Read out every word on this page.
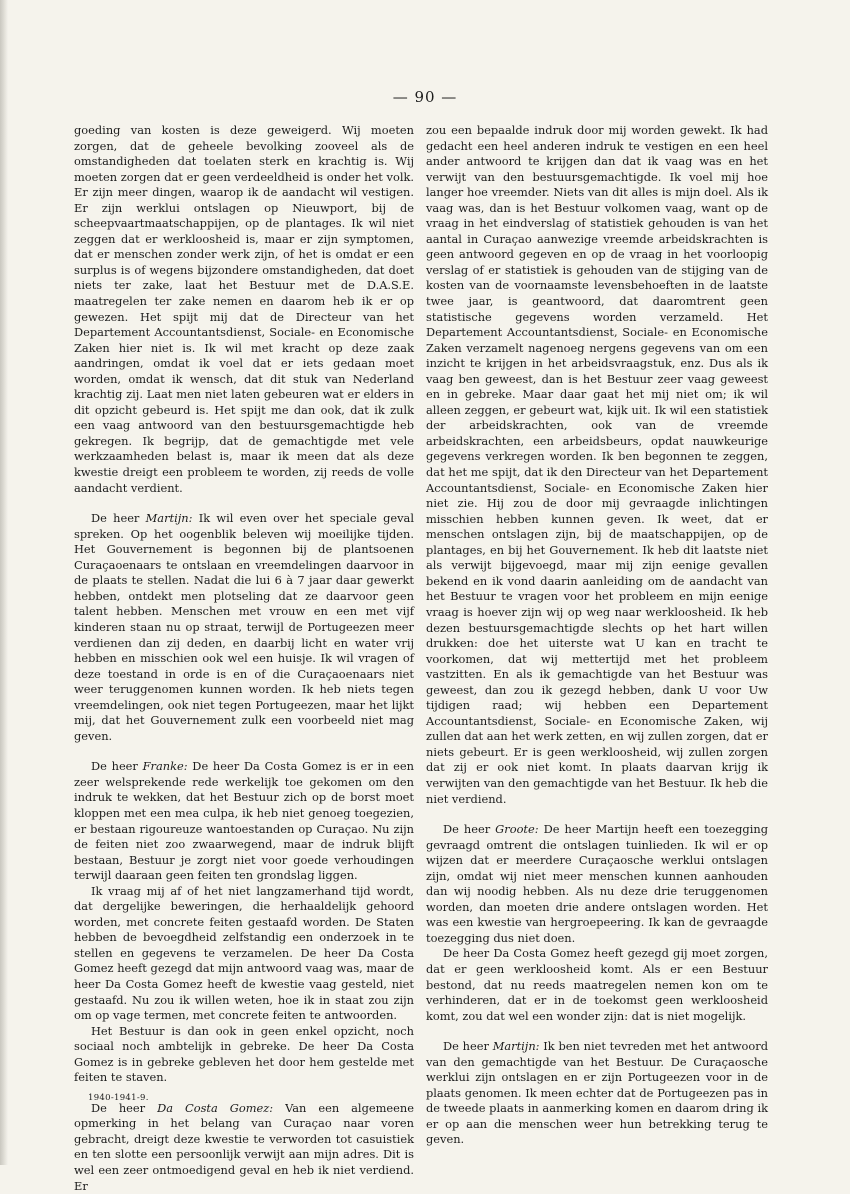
— 90 —

goeding van kosten is deze geweigerd. Wij moeten zorgen, dat de geheele bevolking zooveel als de omstandigheden dat toelaten sterk en krachtig is. Wij moeten zorgen dat er geen verdeeldheid is onder het volk. Er zijn meer dingen, waarop ik de aandacht wil vestigen. Er zijn werklui ontslagen op Nieuwport, bij de scheepvaartmaatschappijen, op de plantages. Ik wil niet zeggen dat er werkloosheid is, maar er zijn symptomen, dat er menschen zonder werk zijn, of het is omdat er een surplus is of wegens bijzondere omstandigheden, dat doet niets ter zake, laat het Bestuur met de D.A.S.E. maatregelen ter zake nemen en daarom heb ik er op gewezen. Het spijt mij dat de Directeur van het Departement Accountantsdienst, Sociale- en Economische Zaken hier niet is. Ik wil met kracht op deze zaak aandringen, omdat ik voel dat er iets gedaan moet worden, omdat ik wensch, dat dit stuk van Nederland krachtig zij. Laat men niet laten gebeuren wat er elders in dit opzicht gebeurd is. Het spijt me dan ook, dat ik zulk een vaag antwoord van den bestuursgemachtigde heb gekregen. Ik begrijp, dat de gemachtigde met vele werkzaamheden belast is, maar ik meen dat als deze kwestie dreigt een probleem te worden, zij reeds de volle aandacht verdient.

De heer Martijn: Ik wil even over het speciale geval spreken. Op het oogenblik beleven wij moeilijke tijden. Het Gouvernement is begonnen bij de plantsoenen Curaçaoenaars te ontslaan en vreemdelingen daarvoor in de plaats te stellen. Nadat die lui 6 à 7 jaar daar gewerkt hebben, ontdekt men plotseling dat ze daarvoor geen talent hebben. Menschen met vrouw en een met vijf kinderen staan nu op straat, terwijl de Portugeezen meer verdienen dan zij deden, en daarbij licht en water vrij hebben en misschien ook wel een huisje. Ik wil vragen of deze toestand in orde is en of die Curaçaoenaars niet weer teruggenomen kunnen worden. Ik heb niets tegen vreemdelingen, ook niet tegen Portugeezen, maar het lijkt mij, dat het Gouvernement zulk een voorbeeld niet mag geven.

De heer Franke: De heer Da Costa Gomez is er in een zeer welsprekende rede werkelijk toe gekomen om den indruk te wekken, dat het Bestuur zich op de borst moet kloppen met een mea culpa, ik heb niet genoeg toegezien, er bestaan rigoureuze wantoestanden op Curaçao. Nu zijn de feiten niet zoo zwaarwegend, maar de indruk blijft bestaan, Bestuur je zorgt niet voor goede verhoudingen terwijl daaraan geen feiten ten grondslag liggen.

Ik vraag mij af of het niet langzamerhand tijd wordt, dat dergelijke beweringen, die herhaaldelijk gehoord worden, met concrete feiten gestaafd worden. De Staten hebben de bevoegdheid zelfstandig een onderzoek in te stellen en gegevens te verzamelen. De heer Da Costa Gomez heeft gezegd dat mijn antwoord vaag was, maar de heer Da Costa Gomez heeft de kwestie vaag gesteld, niet gestaafd. Nu zou ik willen weten, hoe ik in staat zou zijn om op vage termen, met concrete feiten te antwoorden.

Het Bestuur is dan ook in geen enkel opzicht, noch sociaal noch ambtelijk in gebreke. De heer Da Costa Gomez is in gebreke gebleven het door hem gestelde met feiten te staven.

De heer Da Costa Gomez: Van een algemeene opmerking in het belang van Curaçao naar voren gebracht, dreigt deze kwestie te verworden tot casuistiek en ten slotte een persoonlijk verwijt aan mijn adres. Dit is wel een zeer ontmoedigend geval en heb ik niet verdiend. Er

zou een bepaalde indruk door mij worden gewekt. Ik had gedacht een heel anderen indruk te vestigen en een heel ander antwoord te krijgen dan dat ik vaag was en het verwijt van den bestuursgemachtigde. Ik voel mij hoe langer hoe vreemder. Niets van dit alles is mijn doel. Als ik vaag was, dan is het Bestuur volkomen vaag, want op de vraag in het eindverslag of statistiek gehouden is van het aantal in Curaçao aanwezige vreemde arbeidskrachten is geen antwoord gegeven en op de vraag in het voorloopig verslag of er statistiek is gehouden van de stijging van de kosten van de voornaamste levensbehoeften in de laatste twee jaar, is geantwoord, dat daaromtrent geen statistische gegevens worden verzameld. Het Departement Accountantsdienst, Sociale- en Economische Zaken verzamelt nagenoeg nergens gegevens van om een inzicht te krijgen in het arbeidsvraagstuk, enz. Dus als ik vaag ben geweest, dan is het Bestuur zeer vaag geweest en in gebreke. Maar daar gaat het mij niet om; ik wil alleen zeggen, er gebeurt wat, kijk uit. Ik wil een statistiek der arbeidskrachten, ook van de vreemde arbeidskrachten, een arbeidsbeurs, opdat nauwkeurige gegevens verkregen worden. Ik ben begonnen te zeggen, dat het me spijt, dat ik den Directeur van het Departement Accountantsdienst, Sociale- en Economische Zaken hier niet zie. Hij zou de door mij gevraagde inlichtingen misschien hebben kunnen geven. Ik weet, dat er menschen ontslagen zijn, bij de maatschappijen, op de plantages, en bij het Gouvernement. Ik heb dit laatste niet als verwijt bijgevoegd, maar mij zijn eenige gevallen bekend en ik vond daarin aanleiding om de aandacht van het Bestuur te vragen voor het probleem en mijn eenige vraag is hoever zijn wij op weg naar werkloosheid. Ik heb dezen bestuursgemachtigde slechts op het hart willen drukken: doe het uiterste wat U kan en tracht te voorkomen, dat wij mettertijd met het probleem vastzitten. En als ik gemachtigde van het Bestuur was geweest, dan zou ik gezegd hebben, dank U voor Uw tijdigen raad; wij hebben een Departement Accountantsdienst, Sociale- en Economische Zaken, wij zullen dat aan het werk zetten, en wij zullen zorgen, dat er niets gebeurt. Er is geen werkloosheid, wij zullen zorgen dat zij er ook niet komt. In plaats daarvan krijg ik verwijten van den gemachtigde van het Bestuur. Ik heb die niet verdiend.

De heer Groote: De heer Martijn heeft een toezegging gevraagd omtrent die ontslagen tuinlieden. Ik wil er op wijzen dat er meerdere Curaçaosche werklui ontslagen zijn, omdat wij niet meer menschen kunnen aanhouden dan wij noodig hebben. Als nu deze drie teruggenomen worden, dan moeten drie andere ontslagen worden. Het was een kwestie van hergroepeering. Ik kan de gevraagde toezegging dus niet doen.

De heer Da Costa Gomez heeft gezegd gij moet zorgen, dat er geen werkloosheid komt. Als er een Bestuur bestond, dat nu reeds maatregelen nemen kon om te verhinderen, dat er in de toekomst geen werkloosheid komt, zou dat wel een wonder zijn: dat is niet mogelijk.

De heer Martijn: Ik ben niet tevreden met het antwoord van den gemachtigde van het Bestuur. De Curaçaosche werklui zijn ontslagen en er zijn Portugeezen voor in de plaats genomen. Ik meen echter dat de Portugeezen pas in de tweede plaats in aanmerking komen en daarom dring ik er op aan die menschen weer hun betrekking terug te geven.

1940-1941-9.
